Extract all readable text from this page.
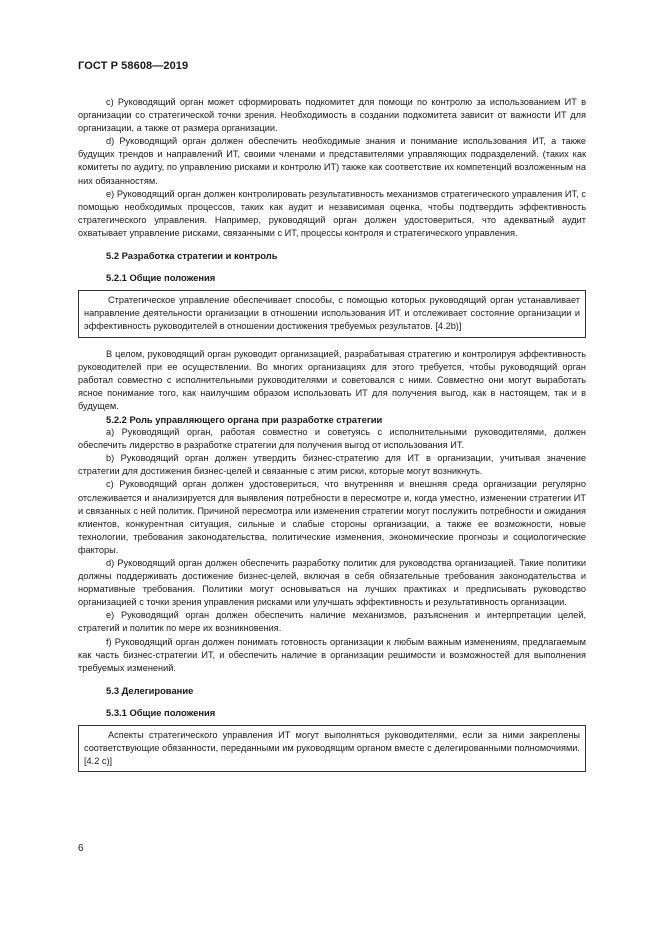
ГОСТ Р 58608—2019

c) Руководящий орган может сформировать подкомитет для помощи по контролю за использованием ИТ в организации со стратегической точки зрения. Необходимость в создании подкомитета зависит от важности ИТ для организации, а также от размера организации.

d) Руководящий орган должен обеспечить необходимые знания и понимание использования ИТ, а также будущих трендов и направлений ИТ, своими членами и представителями управляющих подразделений. (таких как комитеты по аудиту, по управлению рисками и контролю ИТ) также как соответствие их компетенций возложенным на них обязанностям.

e) Руководящий орган должен контролировать результативность механизмов стратегического управления ИТ, с помощью необходимых процессов, таких как аудит и независимая оценка, чтобы подтвердить эффективность стратегического управления. Например, руководящий орган должен удостовериться, что адекватный аудит охватывает управление рисками, связанными с ИТ, процессы контроля и стратегического управления.

5.2 Разработка стратегии и контроль
5.2.1 Общие положения

Стратегическое управление обеспечивает способы, с помощью которых руководящий орган устанавливает направление деятельности организации в отношении использования ИТ и отслеживает состояние организации и эффективность руководителей в отношении достижения требуемых результатов. [4.2b)]

В целом, руководящий орган руководит организацией, разрабатывая стратегию и контролируя эффективность руководителей при ее осуществлении. Во многих организациях для этого требуется, чтобы руководящий орган работал совместно с исполнительными руководителями и советовался с ними. Совместно они могут выработать ясное понимание того, как наилучшим образом использовать ИТ для получения выгод, как в настоящем, так и в будущем.

5.2.2 Роль управляющего органа при разработке стратегии

a) Руководящий орган, работая совместно и советуясь с исполнительными руководителями, должен обеспечить лидерство в разработке стратегии для получения выгод от использования ИТ.

b) Руководящий орган должен утвердить бизнес-стратегию для ИТ в организации, учитывая значение стратегии для достижения бизнес-целей и связанные с этим риски, которые могут возникнуть.

c) Руководящий орган должен удостовериться, что внутренняя и внешняя среда организации регулярно отслеживается и анализируется для выявления потребности в пересмотре и, когда уместно, изменении стратегии ИТ и связанных с ней политик. Причиной пересмотра или изменения стратегии могут послужить потребности и ожидания клиентов, конкурентная ситуация, сильные и слабые стороны организации, а также ее возможности, новые технологии, требования законодательства, политические изменения, экономические прогнозы и социологические факторы.

d) Руководящий орган должен обеспечить разработку политик для руководства организацией. Такие политики должны поддерживать достижение бизнес-целей, включая в себя обязательные требования законодательства и нормативные требования. Политики могут основываться на лучших практиках и предписывать руководство организацией с точки зрения управления рисками или улучшать эффективность и результативность организации.

e) Руководящий орган должен обеспечить наличие механизмов, разъяснения и интерпретации целей, стратегий и политик по мере их возникновения.

f) Руководящий орган должен понимать готовность организации к любым важным изменениям, предлагаемым как часть бизнес-стратегии ИТ, и обеспечить наличие в организации решимости и возможностей для выполнения требуемых изменений.

5.3 Делегирование
5.3.1 Общие положения

Аспекты стратегического управления ИТ могут выполняться руководителями, если за ними закреплены соответствующие обязанности, переданными им руководящим органом вместе с делегированными полномочиями. [4.2 c)]

6
